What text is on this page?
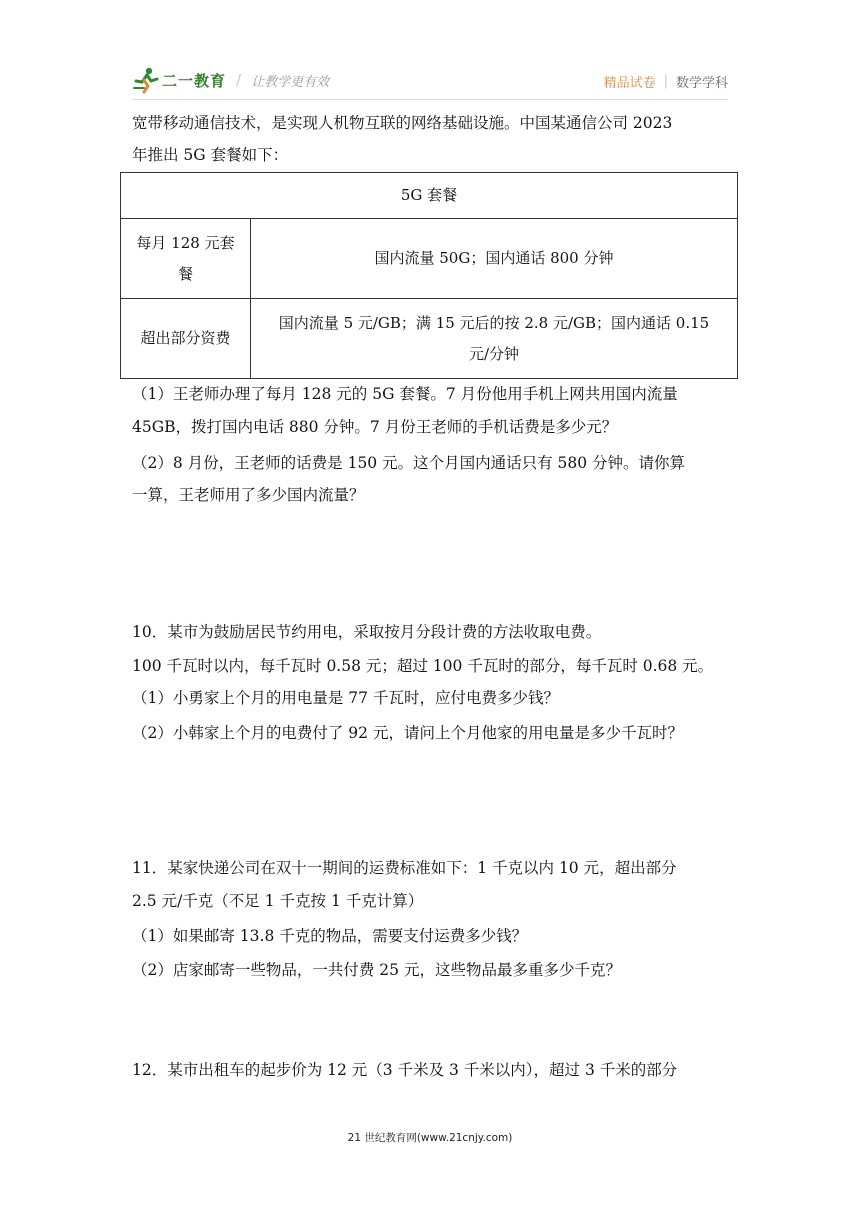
二一教育 / 让教学更有效	精品试卷 | 数学学科
宽带移动通信技术，是实现人机物互联的网络基础设施。中国某通信公司 2023
年推出 5G 套餐如下：
（1）王老师办理了每月 128 元的 5G 套餐。7 月份他用手机上网共用国内流量
45GB，拨打国内电话 880 分钟。7 月份王老师的手机话费是多少元？
（2）8 月份，王老师的话费是 150 元。这个月国内通话只有 580 分钟。请你算
一算，王老师用了多少国内流量？
10．某市为鼓励居民节约用电，采取按月分段计费的方法收取电费。
100 千瓦时以内，每千瓦时 0.58 元；超过 100 千瓦时的部分，每千瓦时 0.68 元。
（1）小勇家上个月的用电量是 77 千瓦时，应付电费多少钱？
（2）小韩家上个月的电费付了 92 元，请问上个月他家的用电量是多少千瓦时？
11．某家快递公司在双十一期间的运费标准如下：1 千克以内 10 元，超出部分
2.5 元/千克（不足 1 千克按 1 千克计算）
（1）如果邮寄 13.8 千克的物品，需要支付运费多少钱？
（2）店家邮寄一些物品，一共付费 25 元，这些物品最多重多少千克？
12．某市出租车的起步价为 12 元（3 千米及 3 千米以内），超过 3 千米的部分
5G 套餐	

每月 128 元套
餐	国内流量 50G；国内通话 800 分钟
超出部分资费	国内流量 5 元/GB；满 15 元后的按 2.8 元/GB；国内通话 0.15
元/分钟
21 世纪教育网(www.21cnjy.com)
